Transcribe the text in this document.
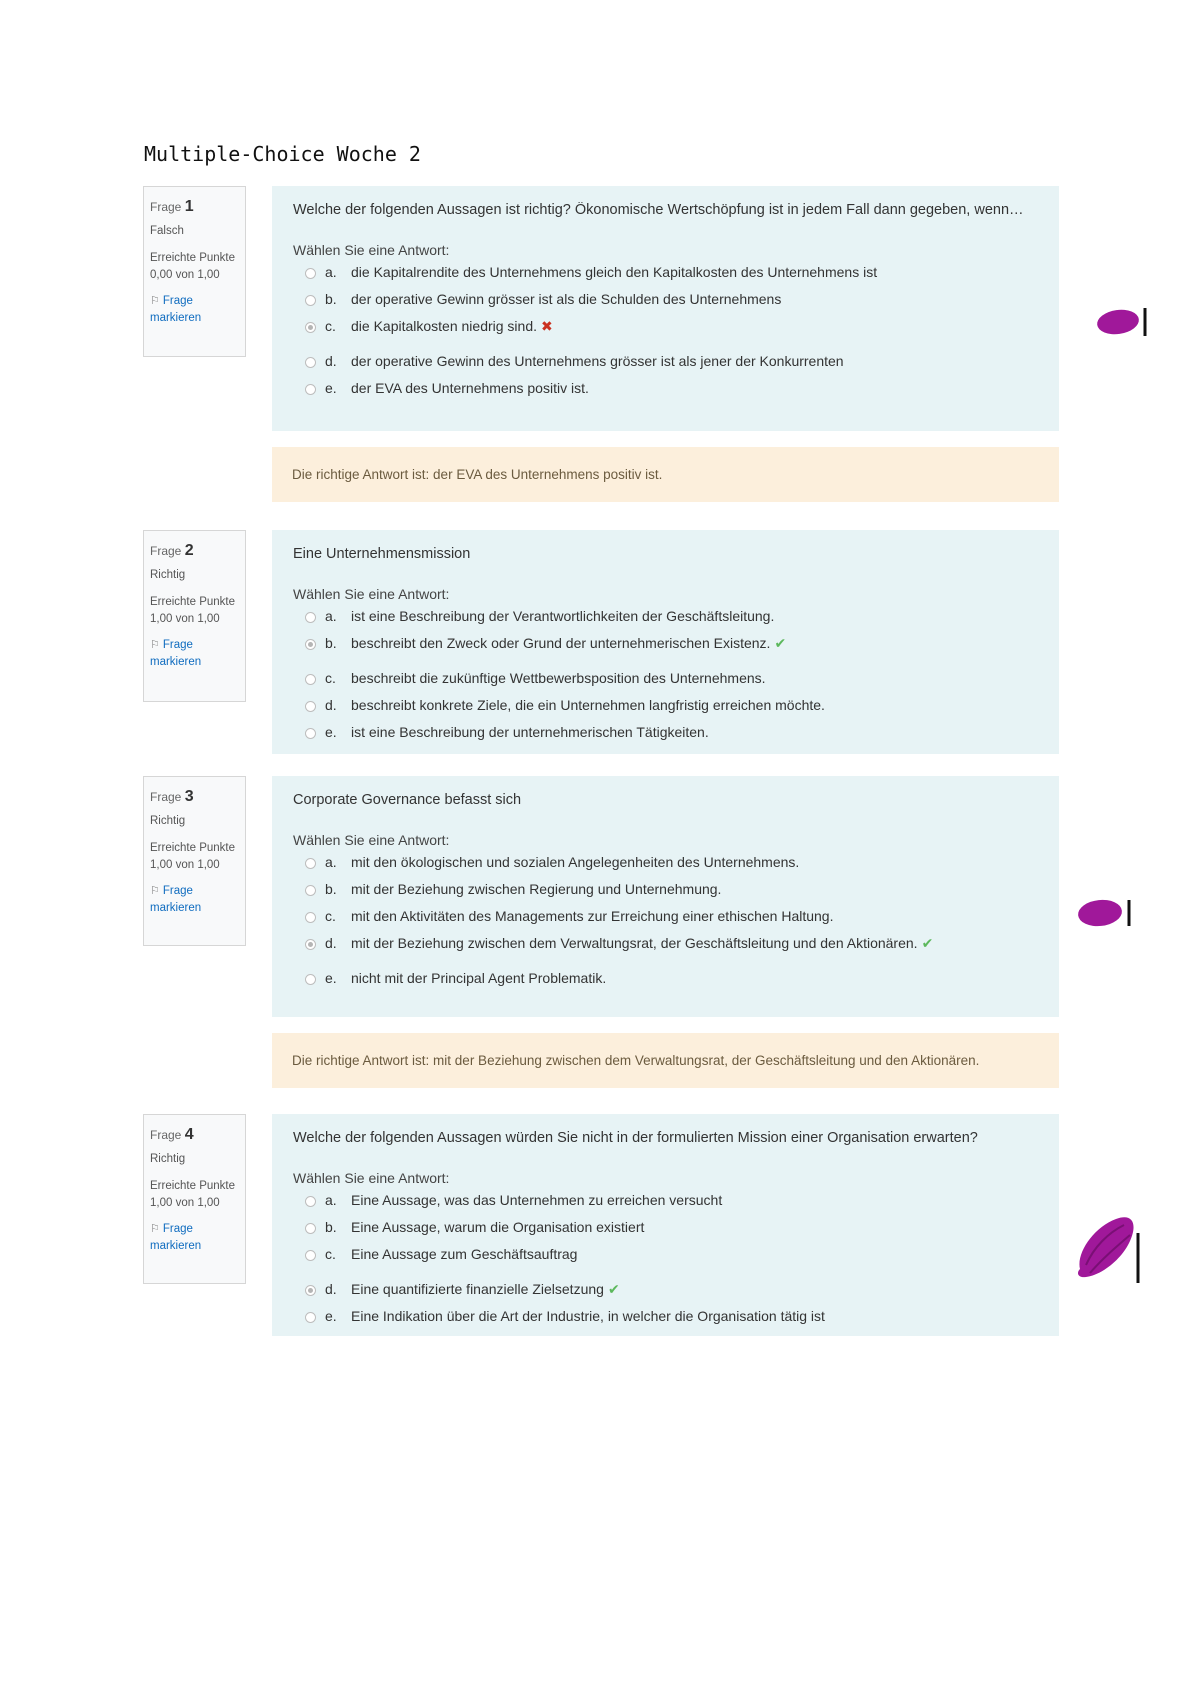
Multiple-Choice Woche 2
Frage 1
Falsch
Erreichte Punkte 0,00 von 1,00
⚐ Frage markieren

Welche der folgenden Aussagen ist richtig? Ökonomische Wertschöpfung ist in jedem Fall dann gegeben, wenn…

Wählen Sie eine Antwort:

a. die Kapitalrendite des Unternehmens gleich den Kapitalkosten des Unternehmens ist
b. der operative Gewinn grösser ist als die Schulden des Unternehmens
c. die Kapitalkosten niedrig sind. ✖
d. der operative Gewinn des Unternehmens grösser ist als jener der Konkurrenten
e. der EVA des Unternehmens positiv ist.
Die richtige Antwort ist: der EVA des Unternehmens positiv ist.
Frage 2
Richtig
Erreichte Punkte 1,00 von 1,00
⚐ Frage markieren

Eine Unternehmensmission

Wählen Sie eine Antwort:

a. ist eine Beschreibung der Verantwortlichkeiten der Geschäftsleitung.
b. beschreibt den Zweck oder Grund der unternehmerischen Existenz. ✔
c. beschreibt die zukünftige Wettbewerbsposition des Unternehmens.
d. beschreibt konkrete Ziele, die ein Unternehmen langfristig erreichen möchte.
e. ist eine Beschreibung der unternehmerischen Tätigkeiten.
Frage 3
Richtig
Erreichte Punkte 1,00 von 1,00
⚐ Frage markieren

Corporate Governance befasst sich

Wählen Sie eine Antwort:

a. mit den ökologischen und sozialen Angelegenheiten des Unternehmens.
b. mit der Beziehung zwischen Regierung und Unternehmung.
c. mit den Aktivitäten des Managements zur Erreichung einer ethischen Haltung.
d. mit der Beziehung zwischen dem Verwaltungsrat, der Geschäftsleitung und den Aktionären. ✔
e. nicht mit der Principal Agent Problematik.
Die richtige Antwort ist: mit der Beziehung zwischen dem Verwaltungsrat, der Geschäftsleitung und den Aktionären.
Frage 4
Richtig
Erreichte Punkte 1,00 von 1,00
⚐ Frage markieren

Welche der folgenden Aussagen würden Sie nicht in der formulierten Mission einer Organisation erwarten?

Wählen Sie eine Antwort:

a. Eine Aussage, was das Unternehmen zu erreichen versucht
b. Eine Aussage, warum die Organisation existiert
c. Eine Aussage zum Geschäftsauftrag
d. Eine quantifizierte finanzielle Zielsetzung ✔
e. Eine Indikation über die Art der Industrie, in welcher die Organisation tätig ist
